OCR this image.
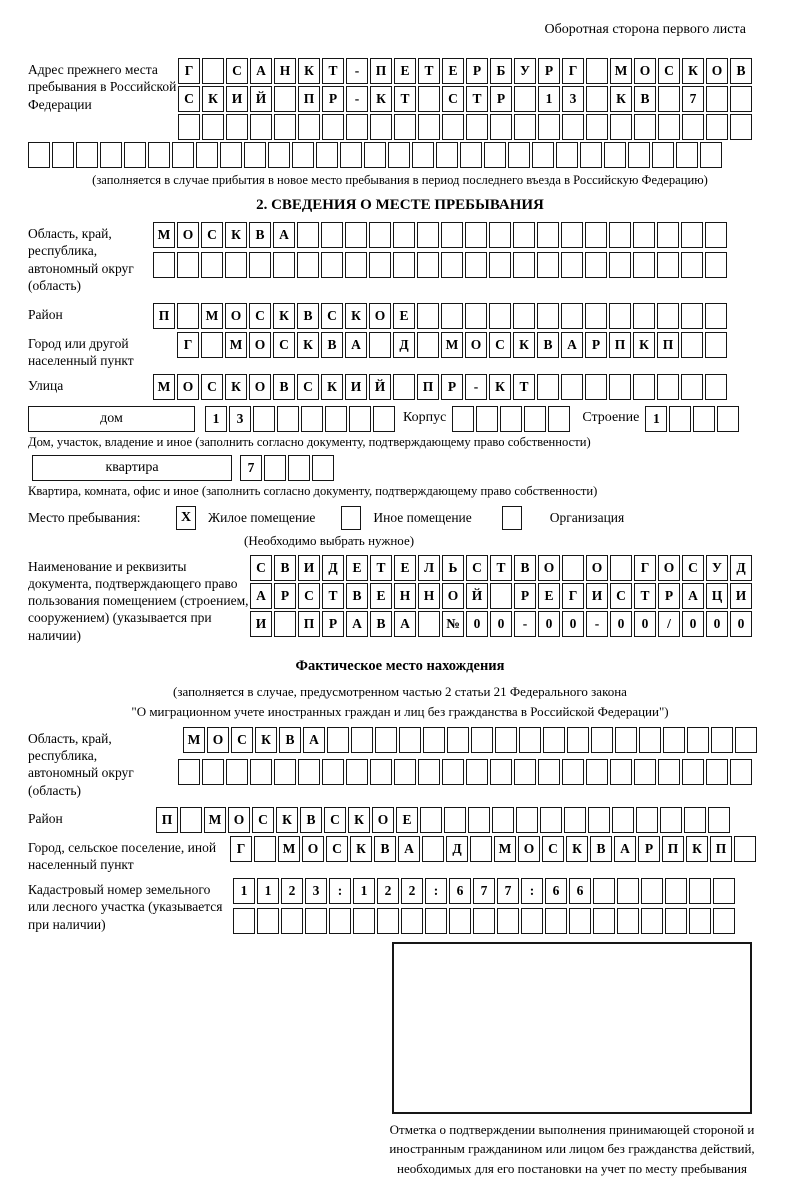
Оборотная сторона первого листа
Адрес прежнего места пребывания в Российской Федерации
Г	С	А	Н	К	Т	-	П	Е	Т	Е	Р	Б	У	Р	Г	М О	С	К	О	В
С	К	И Й	П	Р	-	К	Т	С	Т	Р	1	3	К	В	7
(заполняется в случае прибытия в новое место пребывания в период последнего въезда в Российскую Федерацию)
2. СВЕДЕНИЯ О МЕСТЕ ПРЕБЫВАНИЯ
Область, край, республика, автономный округ (область)
М О	С	К	В	А
Район	П	М О	С	К	В	С	К	О	Е
Город или другой населенный пункт
Г	М О	С	К	В	А	Д	М О	С	К	В	А	Р	П	К	П
Улица	М О	С	К	О	В	С	К	И Й	П	Р	-	К	Т
дом	1	3	Корпус	Строение	1
Дом, участок, владение и иное (заполнить согласно документу, подтверждающему право собственности)
квартира	7
Квартира, комната, офис и иное (заполнить согласно документу, подтверждающему право собственности)
Место пребывания:	X	Жилое помещение	Иное помещение	Организация
(Необходимо выбрать нужное)
Наименование и реквизиты документа, подтверждающего право пользования помещением (строением, сооружением) (указывается при наличии)
С	В	И	Д	Е	Т	Е	Л	Ь	С	Т	В	О	О	Г	О	С	У	Д
А	Р	С	Т	В	Е	Н Н О Й	Р	Е	Г	И	С	Т	Р	А	Ц И
И	П	Р	А	В	А	№	0	0	-	0	0	-	0	0	/	0	0	0
Фактическое место нахождения
(заполняется в случае, предусмотренном частью 2 статьи 21 Федерального закона
"О миграционном учете иностранных граждан и лиц без гражданства в Российской Федерации")
Область, край, республика, автономный округ (область)
М О	С	К	В	А
Район	П	М О	С	К	В	С	К	О	Е
Город, сельское поселение, иной населенный пункт
Г	М О	С	К	В	А	Д	М О	С	К	В	А	Р	П	К	П
Кадастровый номер земельного или лесного участка (указывается при наличии)
1	1	2	3	:	1	2	2	:	6	7	7	:	6	6
Отметка о подтверждении выполнения принимающей стороной и иностранным гражданином или лицом без гражданства действий, необходимых для его постановки на учет по месту пребывания
